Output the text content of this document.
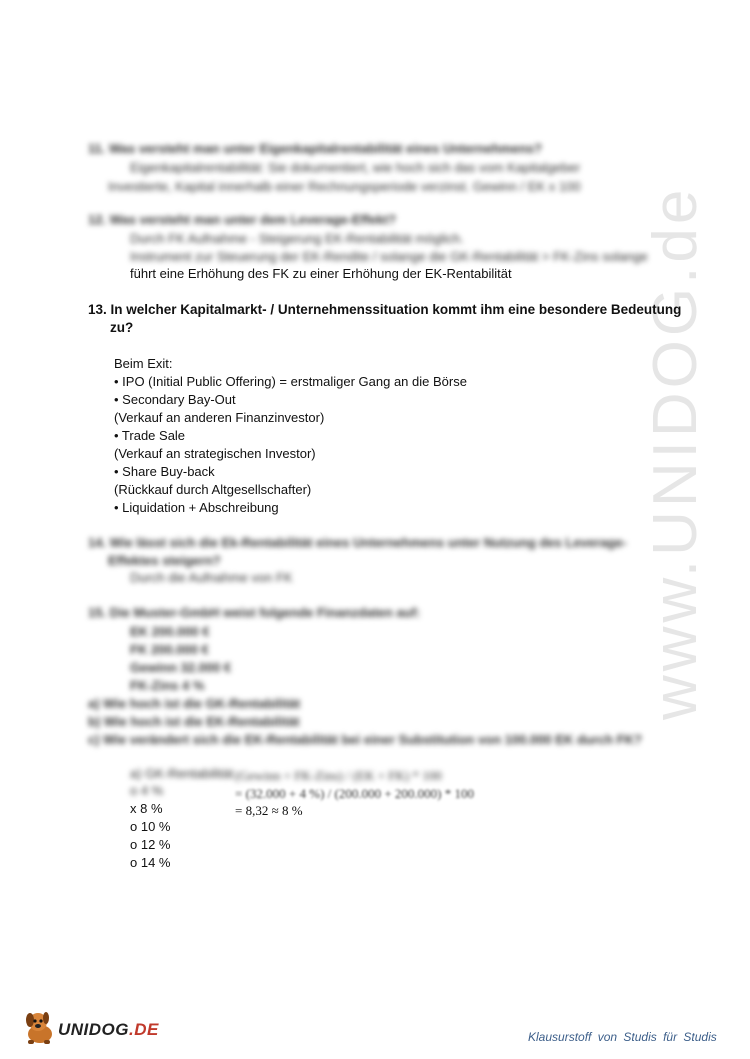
www.UNIDOG.de
11. Was versteht man unter Eigenkapitalrentabilität eines Unternehmens?
Eigenkapitalrentabilität: Sie dokumentiert, wie hoch sich das vom Kapitalgeber
Investierte, Kapital innerhalb einer Rechnungsperiode verzinst. Gewinn / EK x 100
12. Was versteht man unter dem Leverage-Effekt?
Durch FK Aufnahme - Steigerung EK-Rentabilität möglich.
Instrument zur Steuerung der EK-Rendite / solange die GK-Rentabilität > FK-Zins solange
führt eine Erhöhung des FK zu einer Erhöhung der EK-Rentabilität
13. In welcher Kapitalmarkt- / Unternehmenssituation kommt ihm eine besondere Bedeutung
zu?
Beim Exit:
• IPO (Initial Public Offering) = erstmaliger Gang an die Börse
• Secondary Bay-Out
(Verkauf an anderen Finanzinvestor)
• Trade Sale
(Verkauf an strategischen Investor)
• Share Buy-back
(Rückkauf durch Altgesellschafter)
• Liquidation + Abschreibung
14. Wie lässt sich die Ek-Rentabilität eines Unternehmens unter Nutzung des Leverage-
Effektes steigern?
Durch die Aufnahme von FK
15. Die Muster-GmbH weist folgende Finanzdaten auf:
EK 200.000 €
FK 200.000 €
Gewinn 32.000 €
FK-Zins 4 %
a) Wie hoch ist die GK-Rentabilität
b) Wie hoch ist die EK-Rentabilität
c) Wie verändert sich die EK-Rentabilität bei einer Substitution von 100.000 EK durch FK?
a) GK-Rentabilität (Gewinn + FK-Zins) / (EK + FK) * 100
o 4 %	= (32.000 + 4 %) / (200.000 + 200.000) * 100
= 8,32 ≈ 8 %
x 8 %
o 10 %
o 12 %
o 14 %
UNIDOG.DE	Klausurstoff von Studis für Studis
